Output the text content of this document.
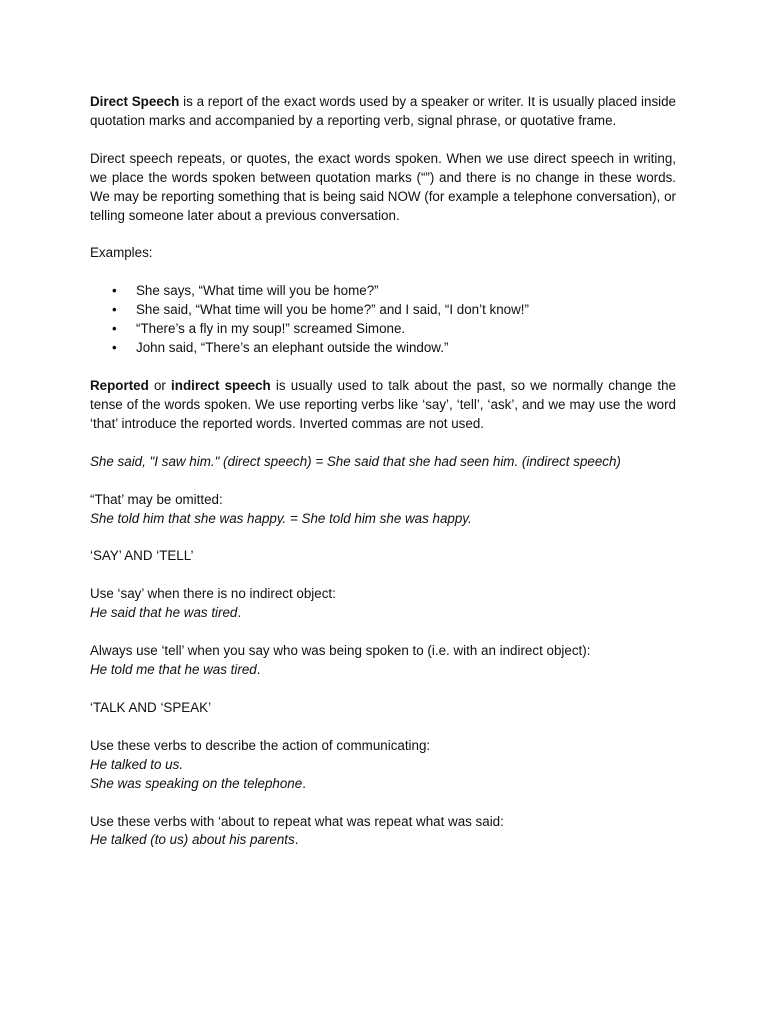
Direct Speech is a report of the exact words used by a speaker or writer. It is usually placed inside quotation marks and accompanied by a reporting verb, signal phrase, or quotative frame.

Direct speech repeats, or quotes, the exact words spoken. When we use direct speech in writing, we place the words spoken between quotation marks (“”) and there is no change in these words. We may be reporting something that is being said NOW (for example a telephone conversation), or telling someone later about a previous conversation.

Examples:

• She says, “What time will you be home?”
• She said, “What time will you be home?” and I said, “I don’t know!”
• “There’s a fly in my soup!” screamed Simone.
• John said, “There’s an elephant outside the window.”

Reported or indirect speech is usually used to talk about the past, so we normally change the tense of the words spoken. We use reporting verbs like ‘say’, ‘tell’, ‘ask’, and we may use the word ‘that’ introduce the reported words. Inverted commas are not used.

She said, "I saw him." (direct speech) = She said that she had seen him. (indirect speech)

“That’ may be omitted:
She told him that she was happy. = She told him she was happy.

‘SAY’ AND ‘TELL’

Use ‘say’ when there is no indirect object:
He said that he was tired.

Always use ‘tell’ when you say who was being spoken to (i.e. with an indirect object):
He told me that he was tired.

‘TALK AND ‘SPEAK’

Use these verbs to describe the action of communicating:
He talked to us.
She was speaking on the telephone.

Use these verbs with ‘about to repeat what was repeat what was said:
He talked (to us) about his parents.
